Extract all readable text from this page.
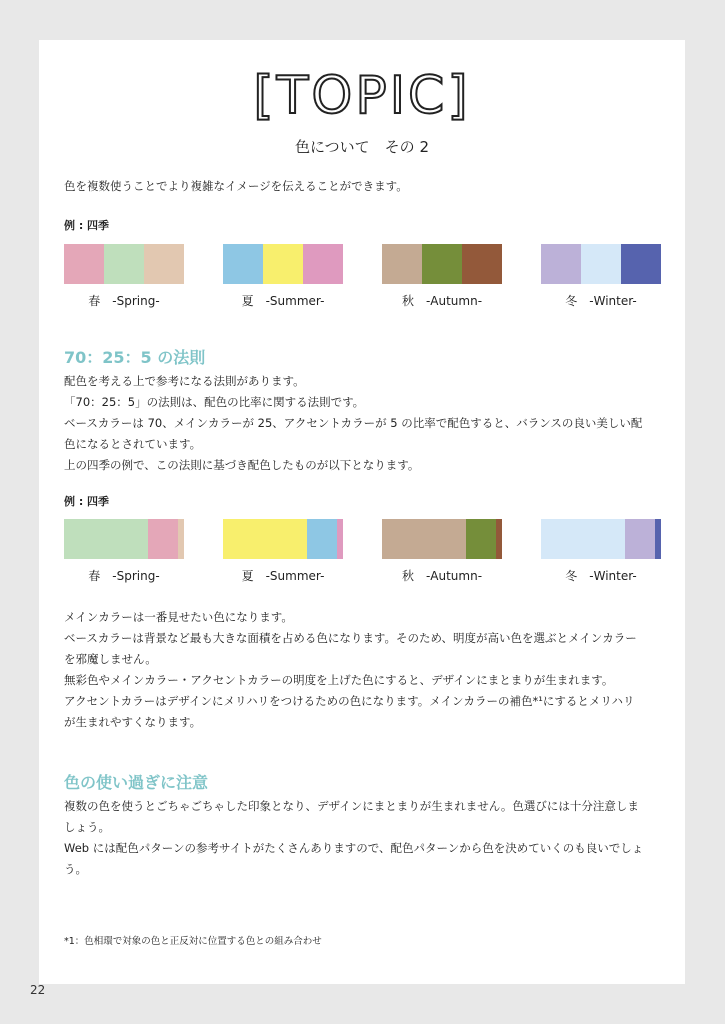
[TOPIC]
色について　その 2

色を複数使うことでより複雑なイメージを伝えることができます。

例 : 四季
春　-Spring-	夏　-Summer-	秋　-Autumn-	冬　-Winter-
70：25：5 の法則

配色を考える上で参考になる法則があります。

「70：25：5」の法則は、配色の比率に関する法則です。

ベースカラーは 70、メインカラーが 25、アクセントカラーが 5 の比率で配色すると、バランスの良い美しい配

色になるとされています。

上の四季の例で、この法則に基づき配色したものが以下となります。

例 : 四季
春　-Spring-	夏　-Summer-	秋　-Autumn-	冬　-Winter-

メインカラーは一番見せたい色になります。

ベースカラーは背景など最も大きな面積を占める色になります。そのため、明度が高い色を選ぶとメインカラー

を邪魔しません。

無彩色やメインカラー・アクセントカラーの明度を上げた色にすると、デザインにまとまりが生まれます。

アクセントカラーはデザインにメリハリをつけるための色になります。メインカラーの補色*¹にするとメリハリ

が生まれやすくなります。

色の使い過ぎに注意

複数の色を使うとごちゃごちゃした印象となり、デザインにまとまりが生まれません。色選びには十分注意しま

しょう。

Web には配色パターンの参考サイトがたくさんありますので、配色パターンから色を決めていくのも良いでしょ

う。

*1：色相環で対象の色と正反対に位置する色との組み合わせ
22
